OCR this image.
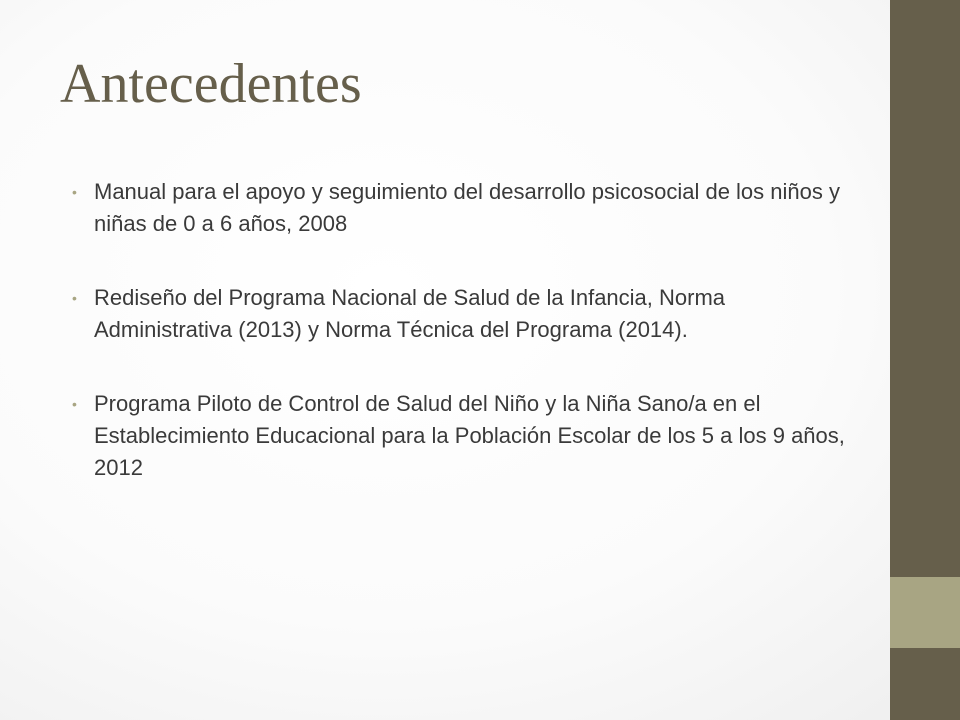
Antecedentes
• Manual para el apoyo y seguimiento del desarrollo psicosocial de los niños y niñas de 0 a 6 años, 2008
• Rediseño del Programa Nacional de Salud de la Infancia, Norma Administrativa (2013) y Norma Técnica del Programa (2014).
• Programa Piloto de Control de Salud del Niño y la Niña Sano/a en el Establecimiento Educacional para la Población Escolar de los 5 a los 9 años, 2012
